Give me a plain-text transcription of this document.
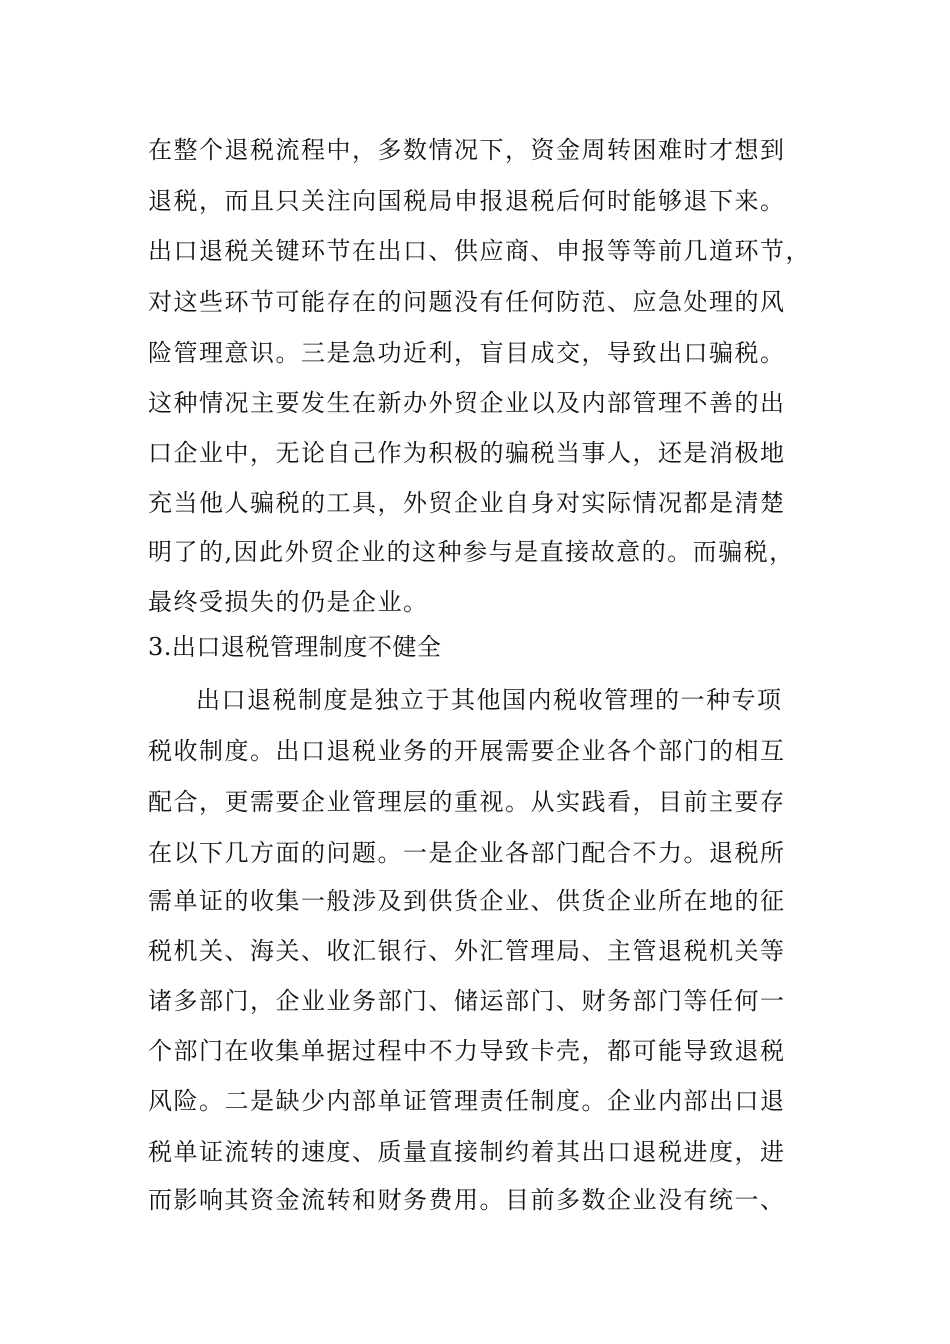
在整个退税流程中，多数情况下，资金周转困难时才想到
退税，而且只关注向国税局申报退税后何时能够退下来。
出口退税关键环节在出口、供应商、申报等等前几道环节，
对这些环节可能存在的问题没有任何防范、应急处理的风
险管理意识。三是急功近利，盲目成交，导致出口骗税。
这种情况主要发生在新办外贸企业以及内部管理不善的出
口企业中，无论自己作为积极的骗税当事人，还是消极地
充当他人骗税的工具，外贸企业自身对实际情况都是清楚
明了的,因此外贸企业的这种参与是直接故意的。而骗税，
最终受损失的仍是企业。
3.出口退税管理制度不健全
出口退税制度是独立于其他国内税收管理的一种专项
税收制度。出口退税业务的开展需要企业各个部门的相互
配合，更需要企业管理层的重视。从实践看，目前主要存
在以下几方面的问题。一是企业各部门配合不力。退税所
需单证的收集一般涉及到供货企业、供货企业所在地的征
税机关、海关、收汇银行、外汇管理局、主管退税机关等
诸多部门，企业业务部门、储运部门、财务部门等任何一
个部门在收集单据过程中不力导致卡壳，都可能导致退税
风险。二是缺少内部单证管理责任制度。企业内部出口退
税单证流转的速度、质量直接制约着其出口退税进度，进
而影响其资金流转和财务费用。目前多数企业没有统一、
